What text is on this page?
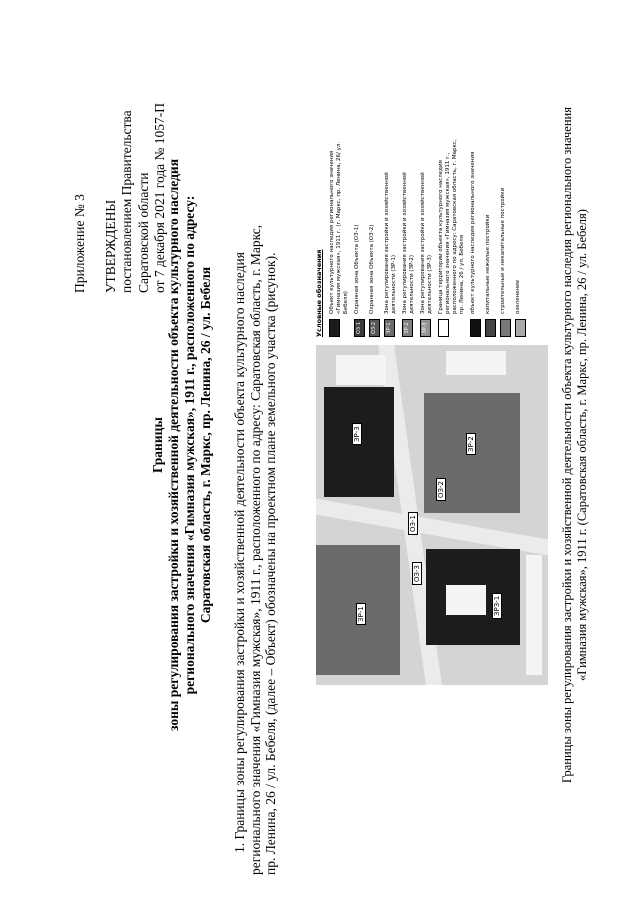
Приложение № 3 УТВЕРЖДЕНЫ постановлением Правительства Саратовской области от 7 декабря 2021 года № 1057-П
Границы зоны регулирования застройки и хозяйственной деятельности объекта культурного наследия регионального значения «Гимназия мужская», 1911 г., расположенного по адресу: Саратовская область, г. Маркс, пр. Ленина, 26 / ул. Бебеля 1. Границы зоны регулирования застройки и хозяйственной деятельности объекта культурного наследия регионального значения «Гимназия мужская», 1911 г., расположенного по адресу: Саратовская область, г. Маркс, пр. Ленина, 26 / ул. Бебеля, (далее – Объект) обозначены на проектном плане земельного участка (рисунок).	ЗР-1
ЗР-2
ЗР-3
ОЗ-1
ОЗ-2
ОЗ-3
ЗРЗ-1
Условные обозначения Объект культурного наследия регионального значения «Гимназия мужская», 1911 г. (г. Маркс, пр. Ленина, 26/ ул. Бебеля)
ОЗ-1
Охранная зона Объекта (ОЗ-1)
ОЗ-2
Охранная зона Объекта (ОЗ-2)
ЗР-1
Зона регулирования застройки и хозяйственной деятельности (ЗР-1)
ЗР-2
Зона регулирования застройки и хозяйственной деятельности (ЗР-2)
ЗР-3
Зона регулирования застройки и хозяйственной деятельности (ЗР-3) Граница территории объекта культурного наследия регионального значения «Гимназия мужская», 1911 г., расположенного по адресу: Саратовская область, г. Маркс, пр. Ленина, 26 / ул. Бебеля объект культурного наследия регионального значения капитальные нежилые постройки строительные и некапитальные постройки озеленение	Границы зоны регулирования застройки и хозяйственной деятельности объекта культурного наследия регионального значения «Гимназия мужская», 1911 г. (Саратовская область, г. Маркс, пр. Ленина, 26 / ул. Бебеля)
